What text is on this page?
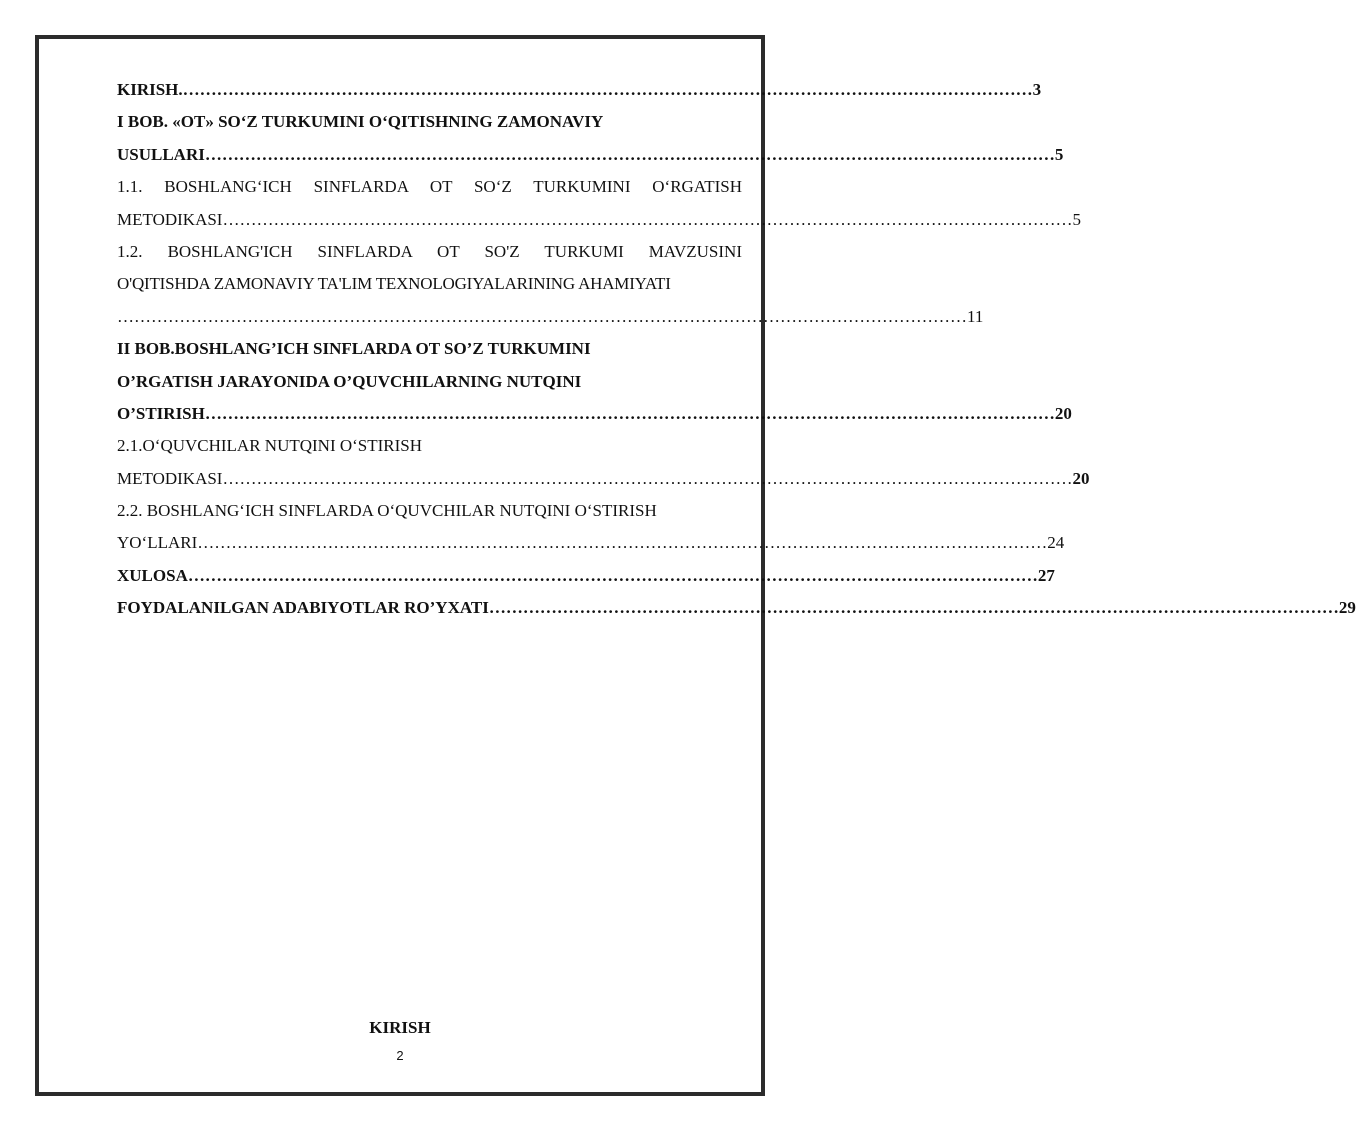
KIRISH. …………………………………………………………………………………………………………………………………… 3
I BOB. «OT» SO‘Z TURKUMINI O‘QITISHNING ZAMONAVIY
USULLARI …………………………………………………………………………………………………………………………………… 5
1.1. BOSHLANG‘ICH SINFLARDA OT SO‘Z TURKUMINI O‘RGATISH
METODIKASI …………………………………………………………………………………………………………………………………… 5
1.2. BOSHLANG'ICH SINFLARDA OT SO'Z TURKUMI MAVZUSINI
O'QITISHDA ZAMONAVIY TA'LIM TEXNOLOGIYALARINING AHAMIYATI
…………………………………………………………………………………………………………………………………… 11
II BOB.BOSHLANG’ICH SINFLARDA OT SO’Z TURKUMINI
O’RGATISH JARAYONIDA O’QUVCHILARNING NUTQINI
O’STIRISH …………………………………………………………………………………………………………………………………… 20
2.1.O‘QUVCHILAR NUTQINI O‘STIRISH
METODIKASI …………………………………………………………………………………………………………………………………… 20
2.2. BOSHLANG‘ICH SINFLARDA O‘QUVCHILAR NUTQINI O‘STIRISH
YO‘LLARI …………………………………………………………………………………………………………………………………… 24
XULOSA …………………………………………………………………………………………………………………………………… 27
FOYDALANILGAN ADABIYOTLAR RO’YXATI …………………………………………………………………………………………………………………………………… 29
KIRISH
2
